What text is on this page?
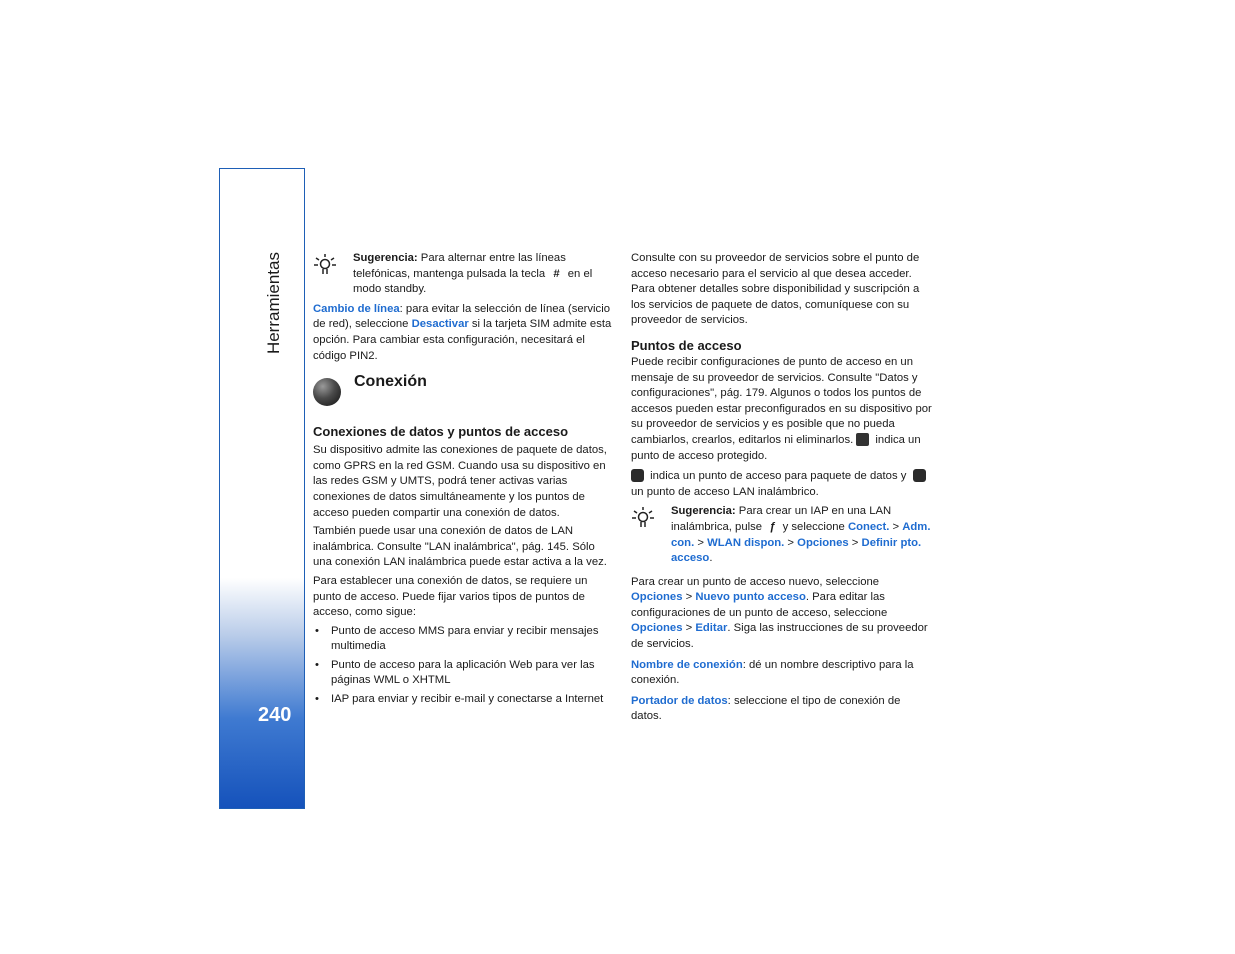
Herramientas
240
Sugerencia: Para alternar entre las líneas telefónicas, mantenga pulsada la tecla # en el modo standby.

Cambio de línea: para evitar la selección de línea (servicio de red), seleccione Desactivar si la tarjeta SIM admite esta opción. Para cambiar esta configuración, necesitará el código PIN2.

Conexión
Conexiones de datos y puntos de acceso

Su dispositivo admite las conexiones de paquete de datos, como GPRS en la red GSM. Cuando usa su dispositivo en las redes GSM y UMTS, podrá tener activas varias conexiones de datos simultáneamente y los puntos de acceso pueden compartir una conexión de datos.

También puede usar una conexión de datos de LAN inalámbrica. Consulte "LAN inalámbrica", pág. 145. Sólo una conexión LAN inalámbrica puede estar activa a la vez.

Para establecer una conexión de datos, se requiere un punto de acceso. Puede fijar varios tipos de puntos de acceso, como sigue:

• Punto de acceso MMS para enviar y recibir mensajes multimedia
• Punto de acceso para la aplicación Web para ver las páginas WML o XHTML
• IAP para enviar y recibir e-mail y conectarse a Internet

Consulte con su proveedor de servicios sobre el punto de acceso necesario para el servicio al que desea acceder. Para obtener detalles sobre disponibilidad y suscripción a los servicios de paquete de datos, comuníquese con su proveedor de servicios.

Puntos de acceso

Puede recibir configuraciones de punto de acceso en un mensaje de su proveedor de servicios. Consulte "Datos y configuraciones", pág. 179. Algunos o todos los puntos de accesos pueden estar preconfigurados en su dispositivo por su proveedor de servicios y es posible que no pueda cambiarlos, crearlos, editarlos ni eliminarlos. indica un punto de acceso protegido.

indica un punto de acceso para paquete de datos y  un punto de acceso LAN inalámbrico.

Sugerencia: Para crear un IAP en una LAN inalámbrica, pulse ƒ y seleccione Conect. > Adm. con. > WLAN dispon. > Opciones > Definir pto. acceso.

Para crear un punto de acceso nuevo, seleccione Opciones > Nuevo punto acceso. Para editar las configuraciones de un punto de acceso, seleccione Opciones > Editar. Siga las instrucciones de su proveedor de servicios.

Nombre de conexión: dé un nombre descriptivo para la conexión.

Portador de datos: seleccione el tipo de conexión de datos.
